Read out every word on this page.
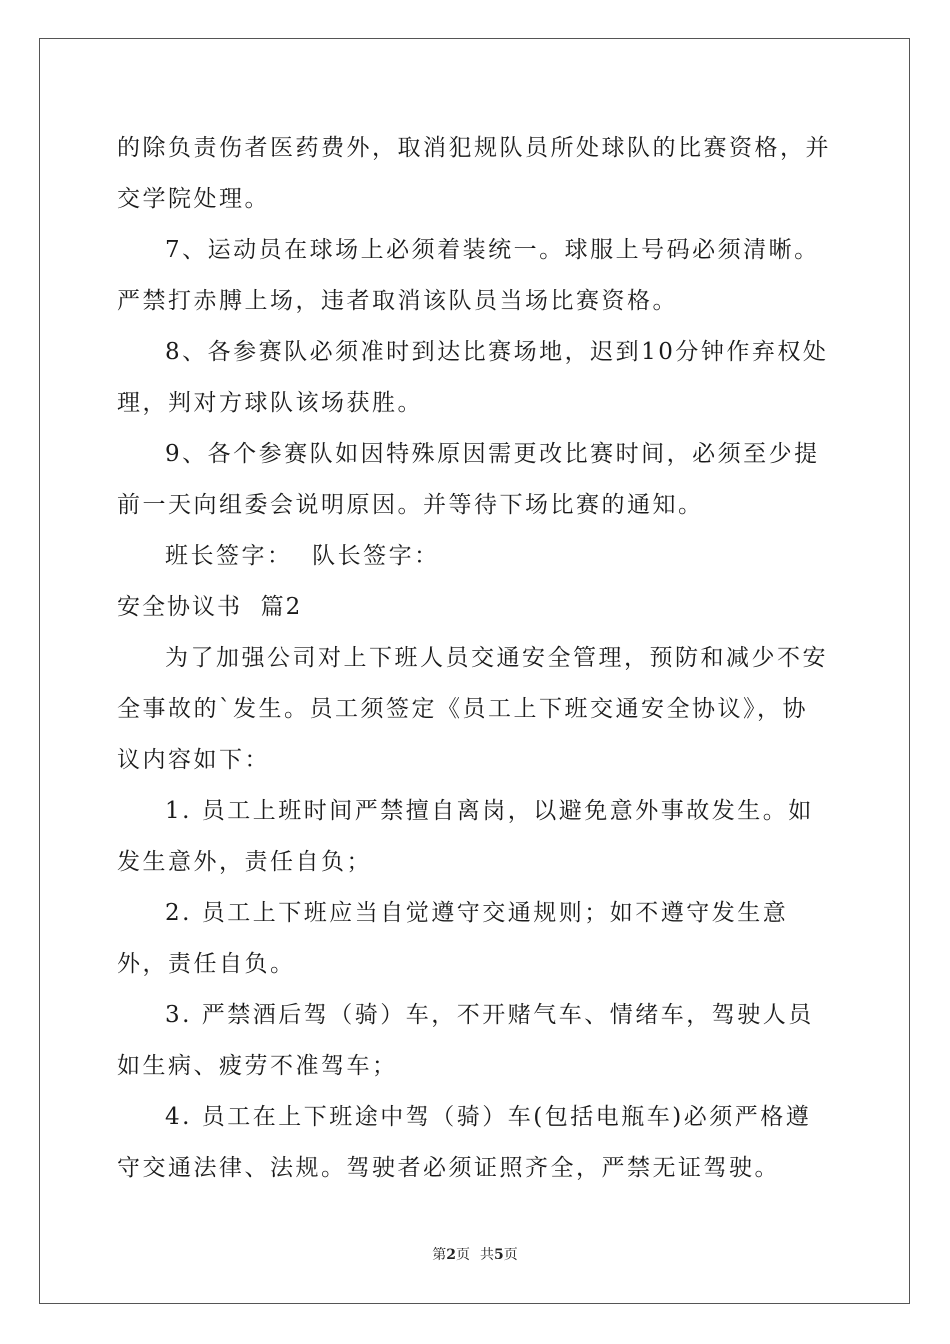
的除负责伤者医药费外，取消犯规队员所处球队的比赛资格，并交学院处理。

7、运动员在球场上必须着装统一。球服上号码必须清晰。严禁打赤膊上场，违者取消该队员当场比赛资格。

8、各参赛队必须准时到达比赛场地，迟到10分钟作弃权处理，判对方球队该场获胜。

9、各个参赛队如因特殊原因需更改比赛时间，必须至少提前一天向组委会说明原因。并等待下场比赛的通知。

班长签字：  队长签字：

安全协议书  篇2

为了加强公司对上下班人员交通安全管理，预防和减少不安全事故的`发生。员工须签定《员工上下班交通安全协议》，协议内容如下：

1. 员工上班时间严禁擅自离岗，以避免意外事故发生。如发生意外，责任自负；

2. 员工上下班应当自觉遵守交通规则；如不遵守发生意外，责任自负。

3. 严禁酒后驾（骑）车，不开赌气车、情绪车，驾驶人员如生病、疲劳不准驾车；

4. 员工在上下班途中驾（骑）车(包括电瓶车)必须严格遵守交通法律、法规。驾驶者必须证照齐全，严禁无证驾驶。

第2页 共5页
